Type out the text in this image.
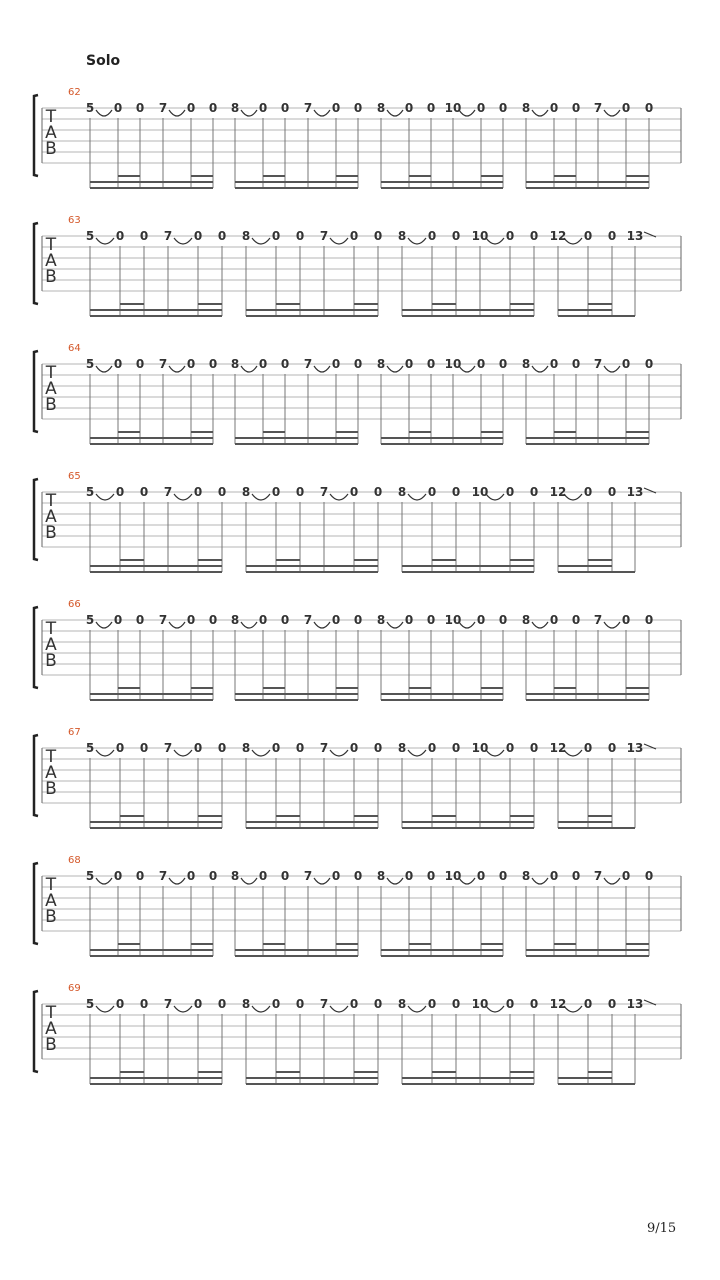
Solo
T
A
B
62
5 0 0 7 0 0 8 0 0 7 0 0 8 0 0 10 0 0 8 0 0 7 0 0
T
A
B
63
5 0 0 7 0 0 8 0 0 7 0 0 8 0 0 10 0 0 12 0 0 13
T
A
B
64
5 0 0 7 0 0 8 0 0 7 0 0 8 0 0 10 0 0 8 0 0 7 0 0
T
A
B
65
5 0 0 7 0 0 8 0 0 7 0 0 8 0 0 10 0 0 12 0 0 13
T
A
B
66
5 0 0 7 0 0 8 0 0 7 0 0 8 0 0 10 0 0 8 0 0 7 0 0
T
A
B
67
5 0 0 7 0 0 8 0 0 7 0 0 8 0 0 10 0 0 12 0 0 13
T
A
B
68
5 0 0 7 0 0 8 0 0 7 0 0 8 0 0 10 0 0 8 0 0 7 0 0
T
A
B
69
5 0 0 7 0 0 8 0 0 7 0 0 8 0 0 10 0 0 12 0 0 13
9/15
